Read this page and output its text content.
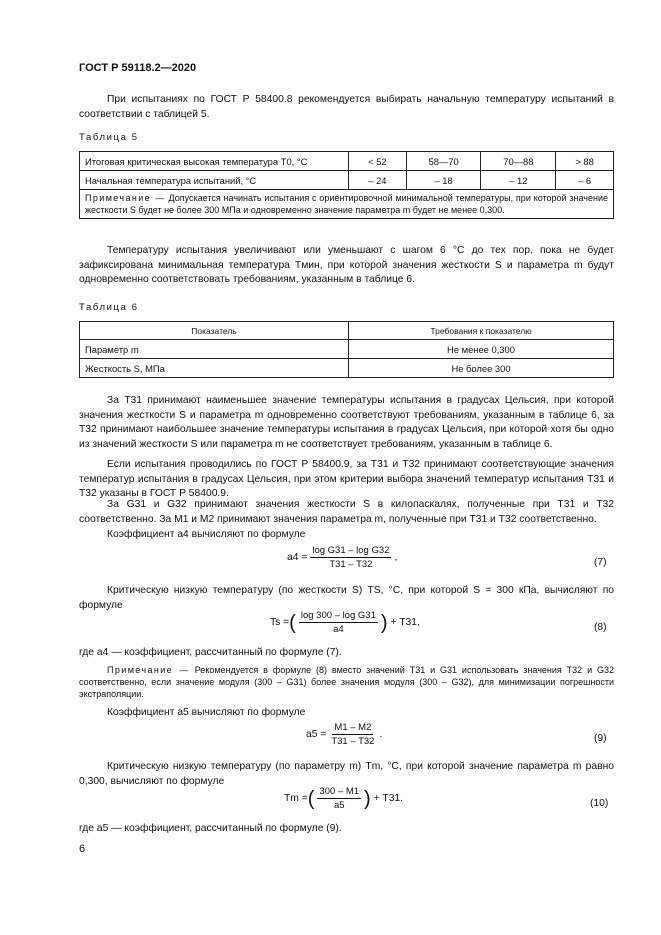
ГОСТ Р 59118.2—2020
При испытаниях по ГОСТ Р 58400.8 рекомендуется выбирать начальную температуру испытаний в соответствии с таблицей 5.
Таблица 5
Итоговая критическая высокая температура T0, °С	< 52	58—70	70—88	> 88
Начальная температура испытаний, °С	– 24	– 18	– 12	– 6
Примечание — Допускается начинать испытания с ориентировочной минимальной температуры, при которой значение жесткости S будет не более 300 МПа и одновременно значение параметра m будет не менее 0,300.				
Температуру испытания увеличивают или уменьшают с шагом 6 °С до тех пор, пока не будет зафиксирована минимальная температура Tмин, при которой значения жесткости S и параметра m будут одновременно соответствовать требованиям, указанным в таблице 6.
Таблица 6
Показатель	Требования к показателю
Параметр m	Не менее 0,300
Жесткость S, МПа	Не более 300
За T31 принимают наименьшее значение температуры испытания в градусах Цельсия, при которой значения жесткости S и параметра m одновременно соответствуют требованиям, указанным в таблице 6, за T32 принимают наибольшее значение температуры испытания в градусах Цельсия, при которой хотя бы одно из значений жесткости S или параметра m не соответствует требованиям, указанным в таблице 6.
Если испытания проводились по ГОСТ Р 58400.9, за T31 и T32 принимают соответствующие значения температур испытания в градусах Цельсия, при этом критерии выбора значений температур испытания T31 и T32 указаны в ГОСТ Р 58400.9.
За G31 и G32 принимают значения жесткости S в килопаскалях, полученные при T31 и T32 соответственно. За M1 и M2 принимают значения параметра m, полученные при T31 и T32 соответственно.
Коэффициент a4 вычисляют по формуле
$a4 = \frac{\text{log G31 – log G32}}{T31 - T32}$ ,	(7)
Критическую низкую температуру (по жесткости S) TS, °С, при которой S = 300 кПа, вычисляют по формуле
Ts = ( $\frac{\text{log 300 – log G31}}{a4}$ ) + T31,	(8)
где a4 — коэффициент, рассчитанный по формуле (7).
Примечание — Рекомендуется в формуле (8) вместо значений T31 и G31 использовать значения T32 и G32 соответственно, если значение модуля (300 – G31) более значения модуля (300 – G32), для минимизации погрешности экстраполяции.
Коэффициент a5 вычисляют по формуле
$a5 = \frac{M1 - M2}{T31 - T32}$ .	(9)
Критическую низкую температуру (по параметру m) Tm, °С, при которой значение параметра m равно 0,300, вычисляют по формуле
Tm = ( $\frac{300 - M1}{a5}$ ) + T31.	(10)
где a5 — коэффициент, рассчитанный по формуле (9).
6
